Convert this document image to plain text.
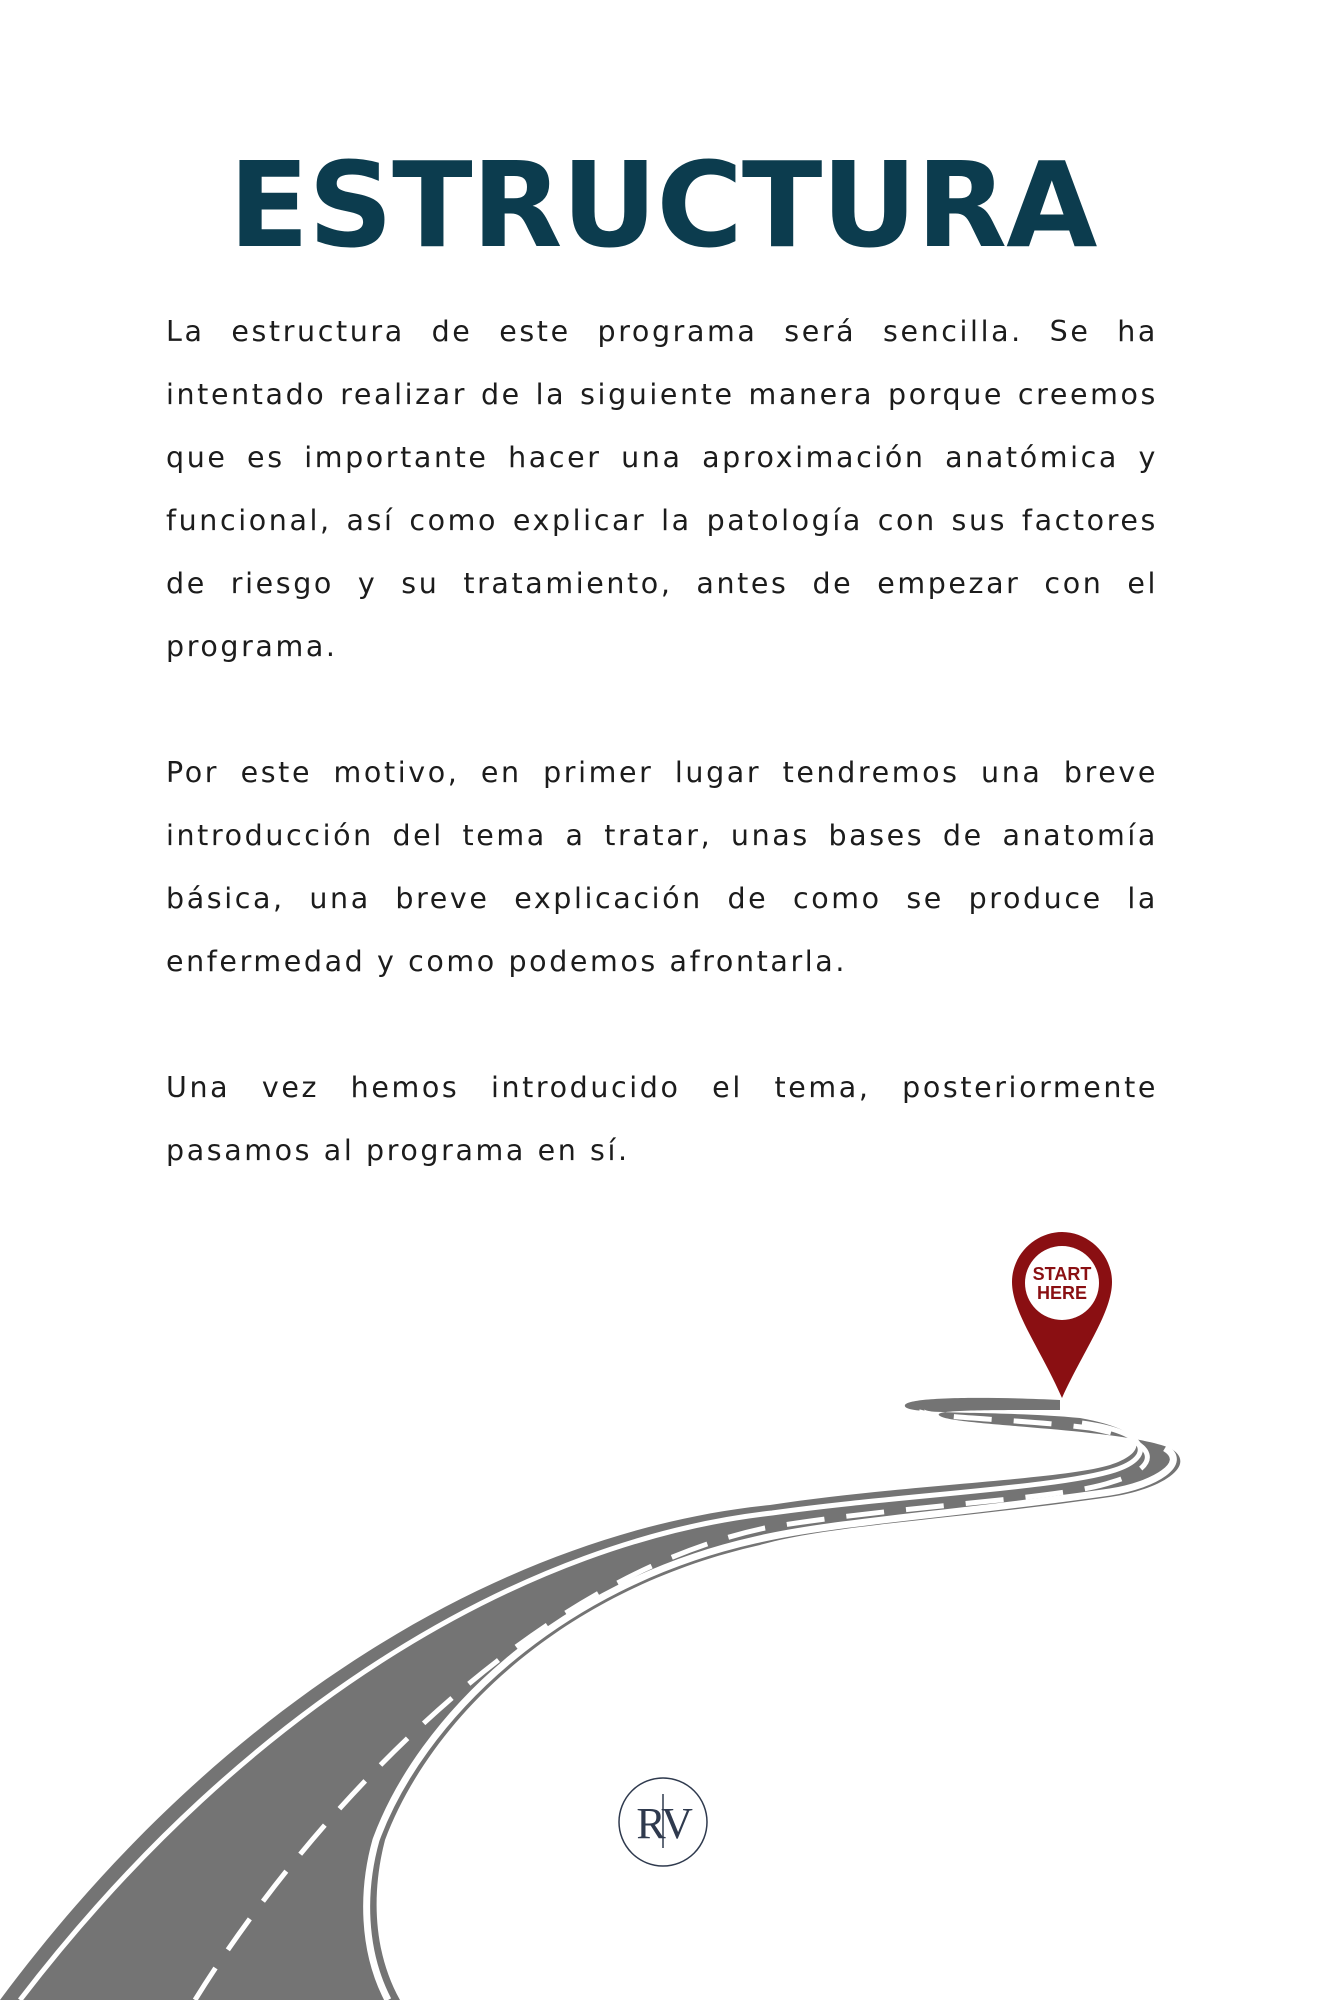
ESTRUCTURA

La estructura de este programa será sencilla. Se ha intentado realizar de la siguiente manera porque creemos que es importante hacer una aproximación anatómica y funcional, así como explicar la patología con sus factores de riesgo y su tratamiento, antes de empezar con el programa.

Por este motivo, en primer lugar tendremos una breve introducción del tema a tratar, unas bases de anatomía básica, una breve explicación de como se produce la enfermedad y como podemos afrontarla.

Una vez hemos introducido el tema, posteriormente pasamos al programa en sí.

START
HERE
R
V
